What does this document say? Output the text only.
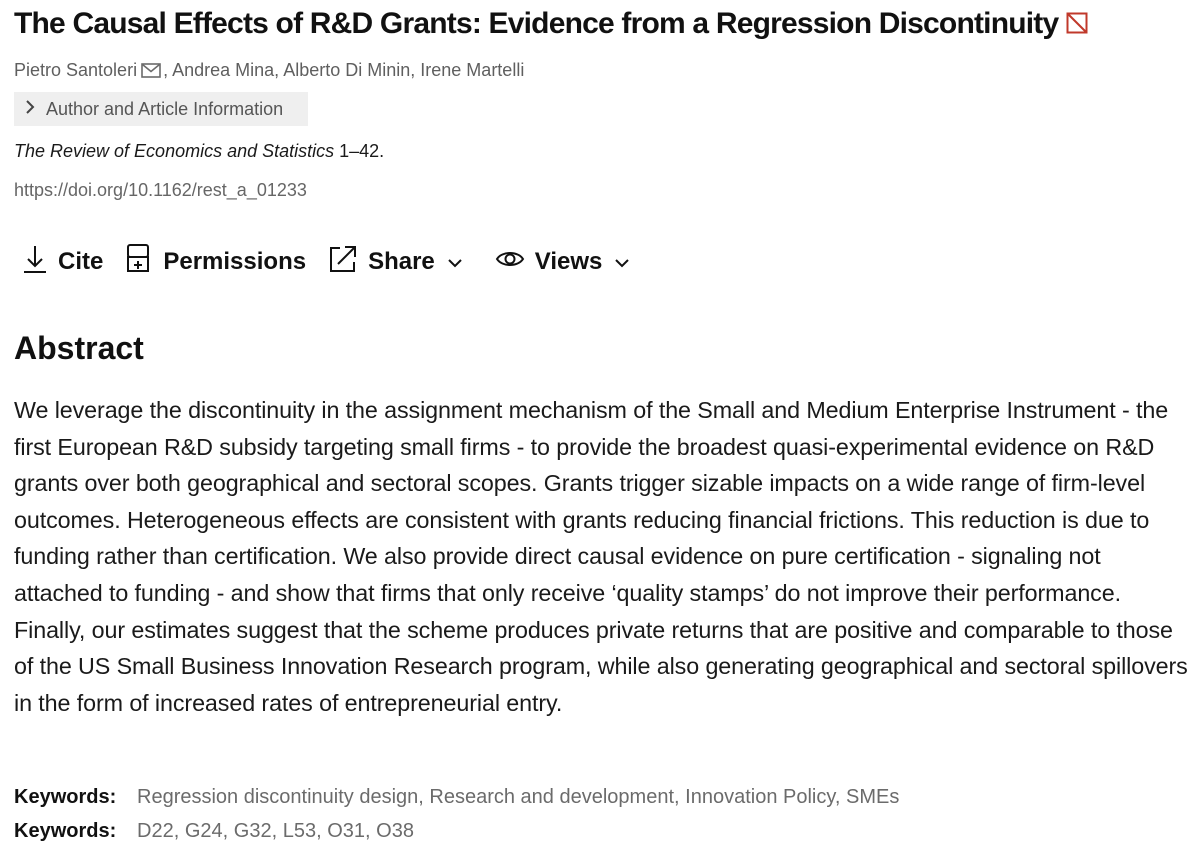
The Causal Effects of R&D Grants: Evidence from a Regression Discontinuity
Pietro Santoleri , Andrea Mina, Alberto Di Minin, Irene Martelli
Author and Article Information
The Review of Economics and Statistics 1–42.
https://doi.org/10.1162/rest_a_01233
Cite	Permissions	Share	Views
Abstract

We leverage the discontinuity in the assignment mechanism of the Small and Medium Enterprise Instrument - the first European R&D subsidy targeting small firms - to provide the broadest quasi-experimental evidence on R&D grants over both geographical and sectoral scopes. Grants trigger sizable impacts on a wide range of firm-level outcomes. Heterogeneous effects are consistent with grants reducing financial frictions. This reduction is due to funding rather than certification. We also provide direct causal evidence on pure certification - signaling not attached to funding - and show that firms that only receive ‘quality stamps’ do not improve their performance. Finally, our estimates suggest that the scheme produces private returns that are positive and comparable to those of the US Small Business Innovation Research program, while also generating geographical and sectoral spillovers in the form of increased rates of entrepreneurial entry.

Keywords: Regression discontinuity design, Research and development, Innovation Policy, SMEs
Keywords: D22, G24, G32, L53, O31, O38
